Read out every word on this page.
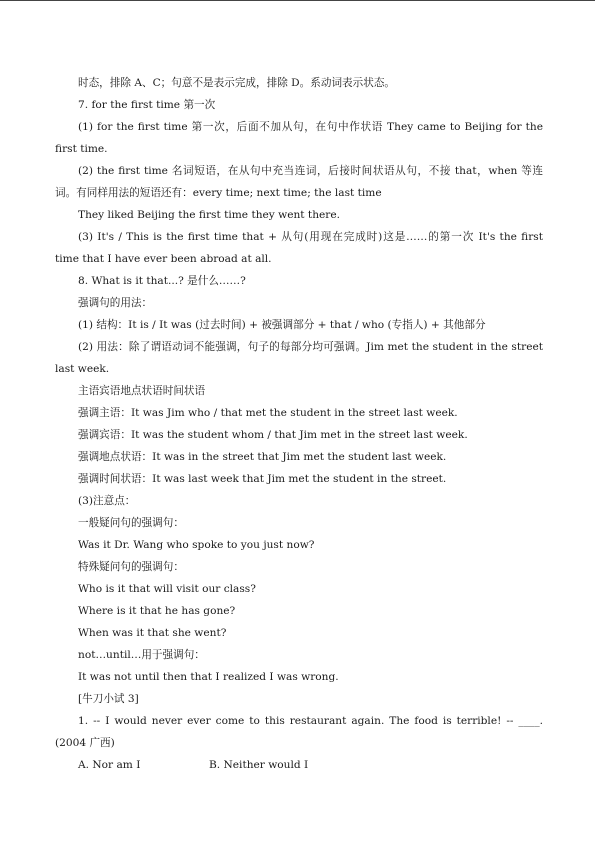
时态，排除 A、C；句意不是表示完成，排除 D。系动词表示状态。

7. for the first time 第一次

(1) for the first time 第一次，后面不加从句，在句中作状语 They came to Beijing for the first time.

(2) the first time 名词短语，在从句中充当连词，后接时间状语从句，不接 that，when 等连词。有同样用法的短语还有：every time; next time; the last time

They liked Beijing the first time they went there.

(3) It's / This is the first time that + 从句(用现在完成时)这是……的第一次 It's the first time that I have ever been abroad at all.

8. What is it that...? 是什么……?

强调句的用法：

(1) 结构：It is / It was (过去时间) + 被强调部分 + that / who (专指人) + 其他部分

(2) 用法：除了谓语动词不能强调，句子的每部分均可强调。Jim met the student in the street last week.

主语宾语地点状语时间状语

强调主语：It was Jim who / that met the student in the street last week.

强调宾语：It was the student whom / that Jim met in the street last week.

强调地点状语：It was in the street that Jim met the student last week.

强调时间状语：It was last week that Jim met the student in the street.

(3)注意点：

一般疑问句的强调句：

Was it Dr. Wang who spoke to you just now?

特殊疑问句的强调句：

Who is it that will visit our class?

Where is it that he has gone?

When was it that she went?

not…until…用于强调句：

It was not until then that I realized I was wrong.

[牛刀小试 3]

1. -- I would never ever come to this restaurant again. The food is terrible! -- ____. (2004 广西)

A. Nor am I	B. Neither would I
